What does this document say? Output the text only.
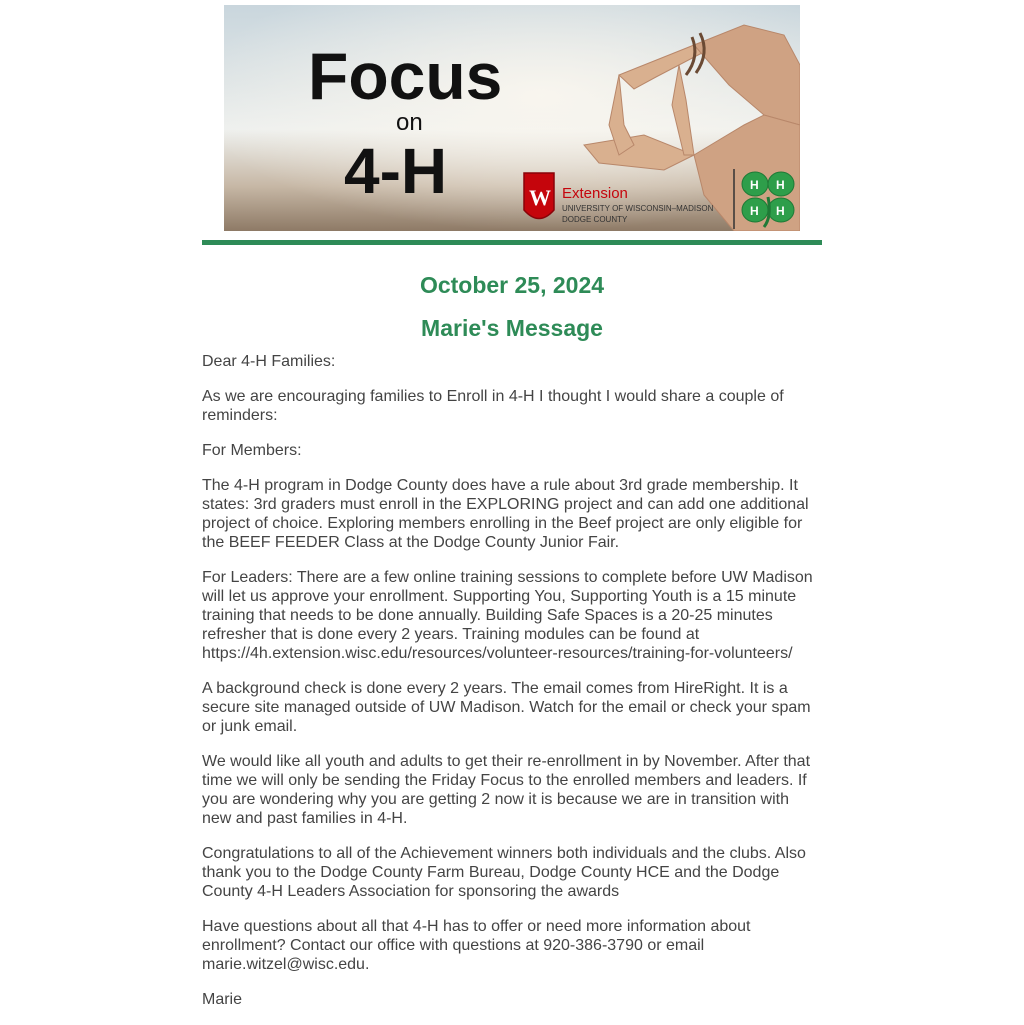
Focus
on
4-H	W Extension
UNIVERSITY OF WISCONSIN–MADISON
DODGE COUNTY
H H
H H
October 25, 2024
Marie's Message

Dear 4-H Families:

As we are encouraging families to Enroll in 4-H I thought I would share a couple of reminders:

For Members:

The 4-H program in Dodge County does have a rule about 3rd grade membership. It states: 3rd graders must enroll in the EXPLORING project and can add one additional project of choice. Exploring members enrolling in the Beef project are only eligible for the BEEF FEEDER Class at the Dodge County Junior Fair.

For Leaders: There are a few online training sessions to complete before UW Madison will let us approve your enrollment. Supporting You, Supporting Youth is a 15 minute training that needs to be done annually. Building Safe Spaces is a 20-25 minutes refresher that is done every 2 years. Training modules can be found at https://4h.extension.wisc.edu/resources/volunteer-resources/training-for-volunteers/

A background check is done every 2 years. The email comes from HireRight. It is a secure site managed outside of UW Madison. Watch for the email or check your spam or junk email.

We would like all youth and adults to get their re-enrollment in by November. After that time we will only be sending the Friday Focus to the enrolled members and leaders. If you are wondering why you are getting 2 now it is because we are in transition with new and past families in 4-H.

Congratulations to all of the Achievement winners both individuals and the clubs. Also thank you to the Dodge County Farm Bureau, Dodge County HCE and the Dodge County 4-H Leaders Association for sponsoring the awards

Have questions about all that 4-H has to offer or need more information about enrollment? Contact our office with questions at 920-386-3790 or email marie.witzel@wisc.edu.

Marie
